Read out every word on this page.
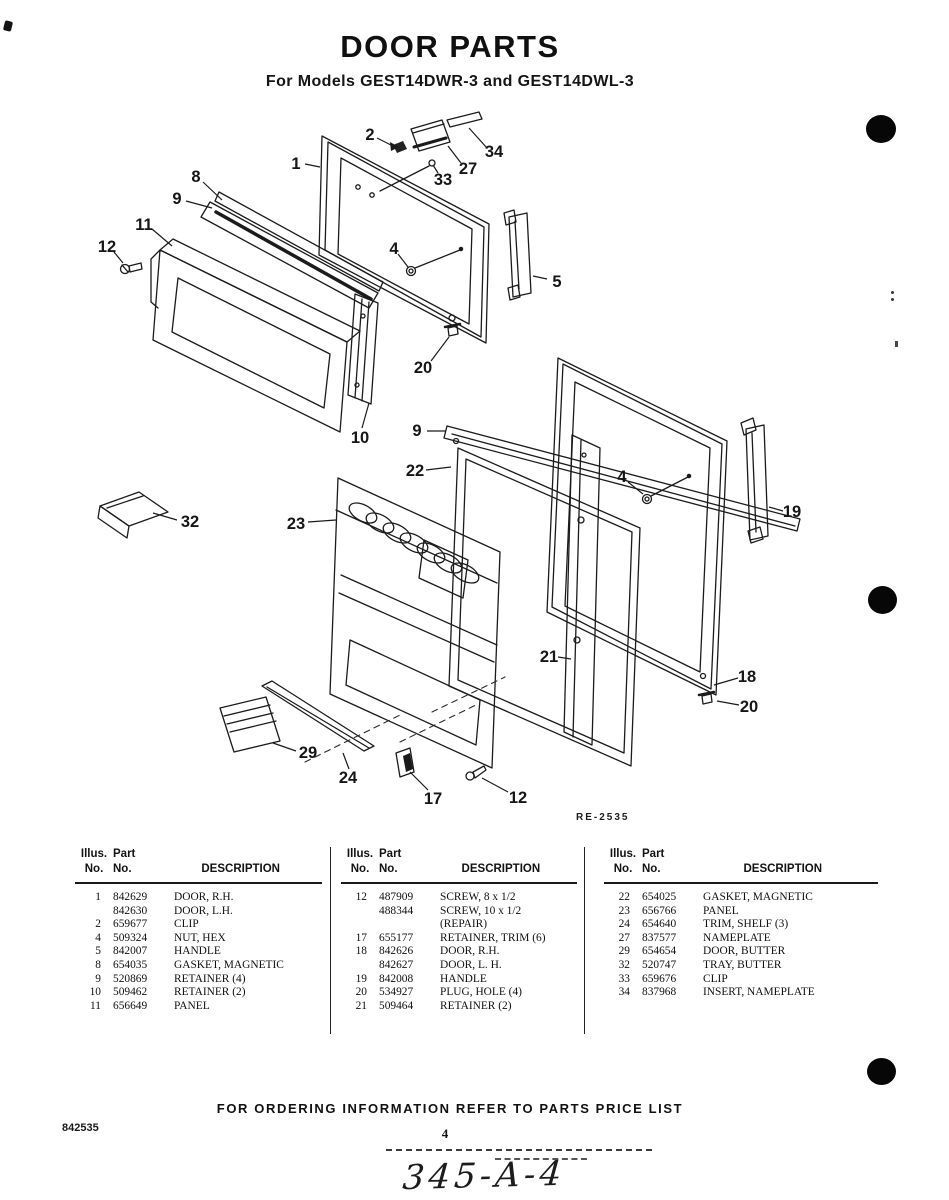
DOOR PARTS
For Models GEST14DWR-3 and GEST14DWL-3
1
2
34
27
33
8
9
11
12	4
5
20
10	9
22
32	23
4
19
21
18
20
29
24
17	12
RE-2535
Illus. Part
No. No.	DESCRIPTION
1 842629	DOOR, R.H.
842630	DOOR, L.H.
2 659677	CLIP
4 509324	NUT, HEX
5 842007	HANDLE
8 654035	GASKET, MAGNETIC
9 520869	RETAINER (4)
10 509462	RETAINER (2)
11 656649	PANEL
Illus. Part
No. No.	DESCRIPTION
12 487909	SCREW, 8 x 1/2
488344	SCREW, 10 x 1/2
(REPAIR)
17 655177	RETAINER, TRIM (6)
18 842626	DOOR, R.H.
842627	DOOR, L. H.
19 842008	HANDLE
20 534927	PLUG, HOLE (4)
21 509464	RETAINER (2)
Illus. Part
No. No.	DESCRIPTION
22 654025	GASKET, MAGNETIC
23 656766	PANEL
24 654640	TRIM, SHELF (3)
27 837577	NAMEPLATE
29 654654	DOOR, BUTTER
32 520747	TRAY, BUTTER
33 659676	CLIP
34 837968	INSERT, NAMEPLATE
FOR ORDERING INFORMATION REFER TO PARTS PRICE LIST
842535	4
345-A-4
